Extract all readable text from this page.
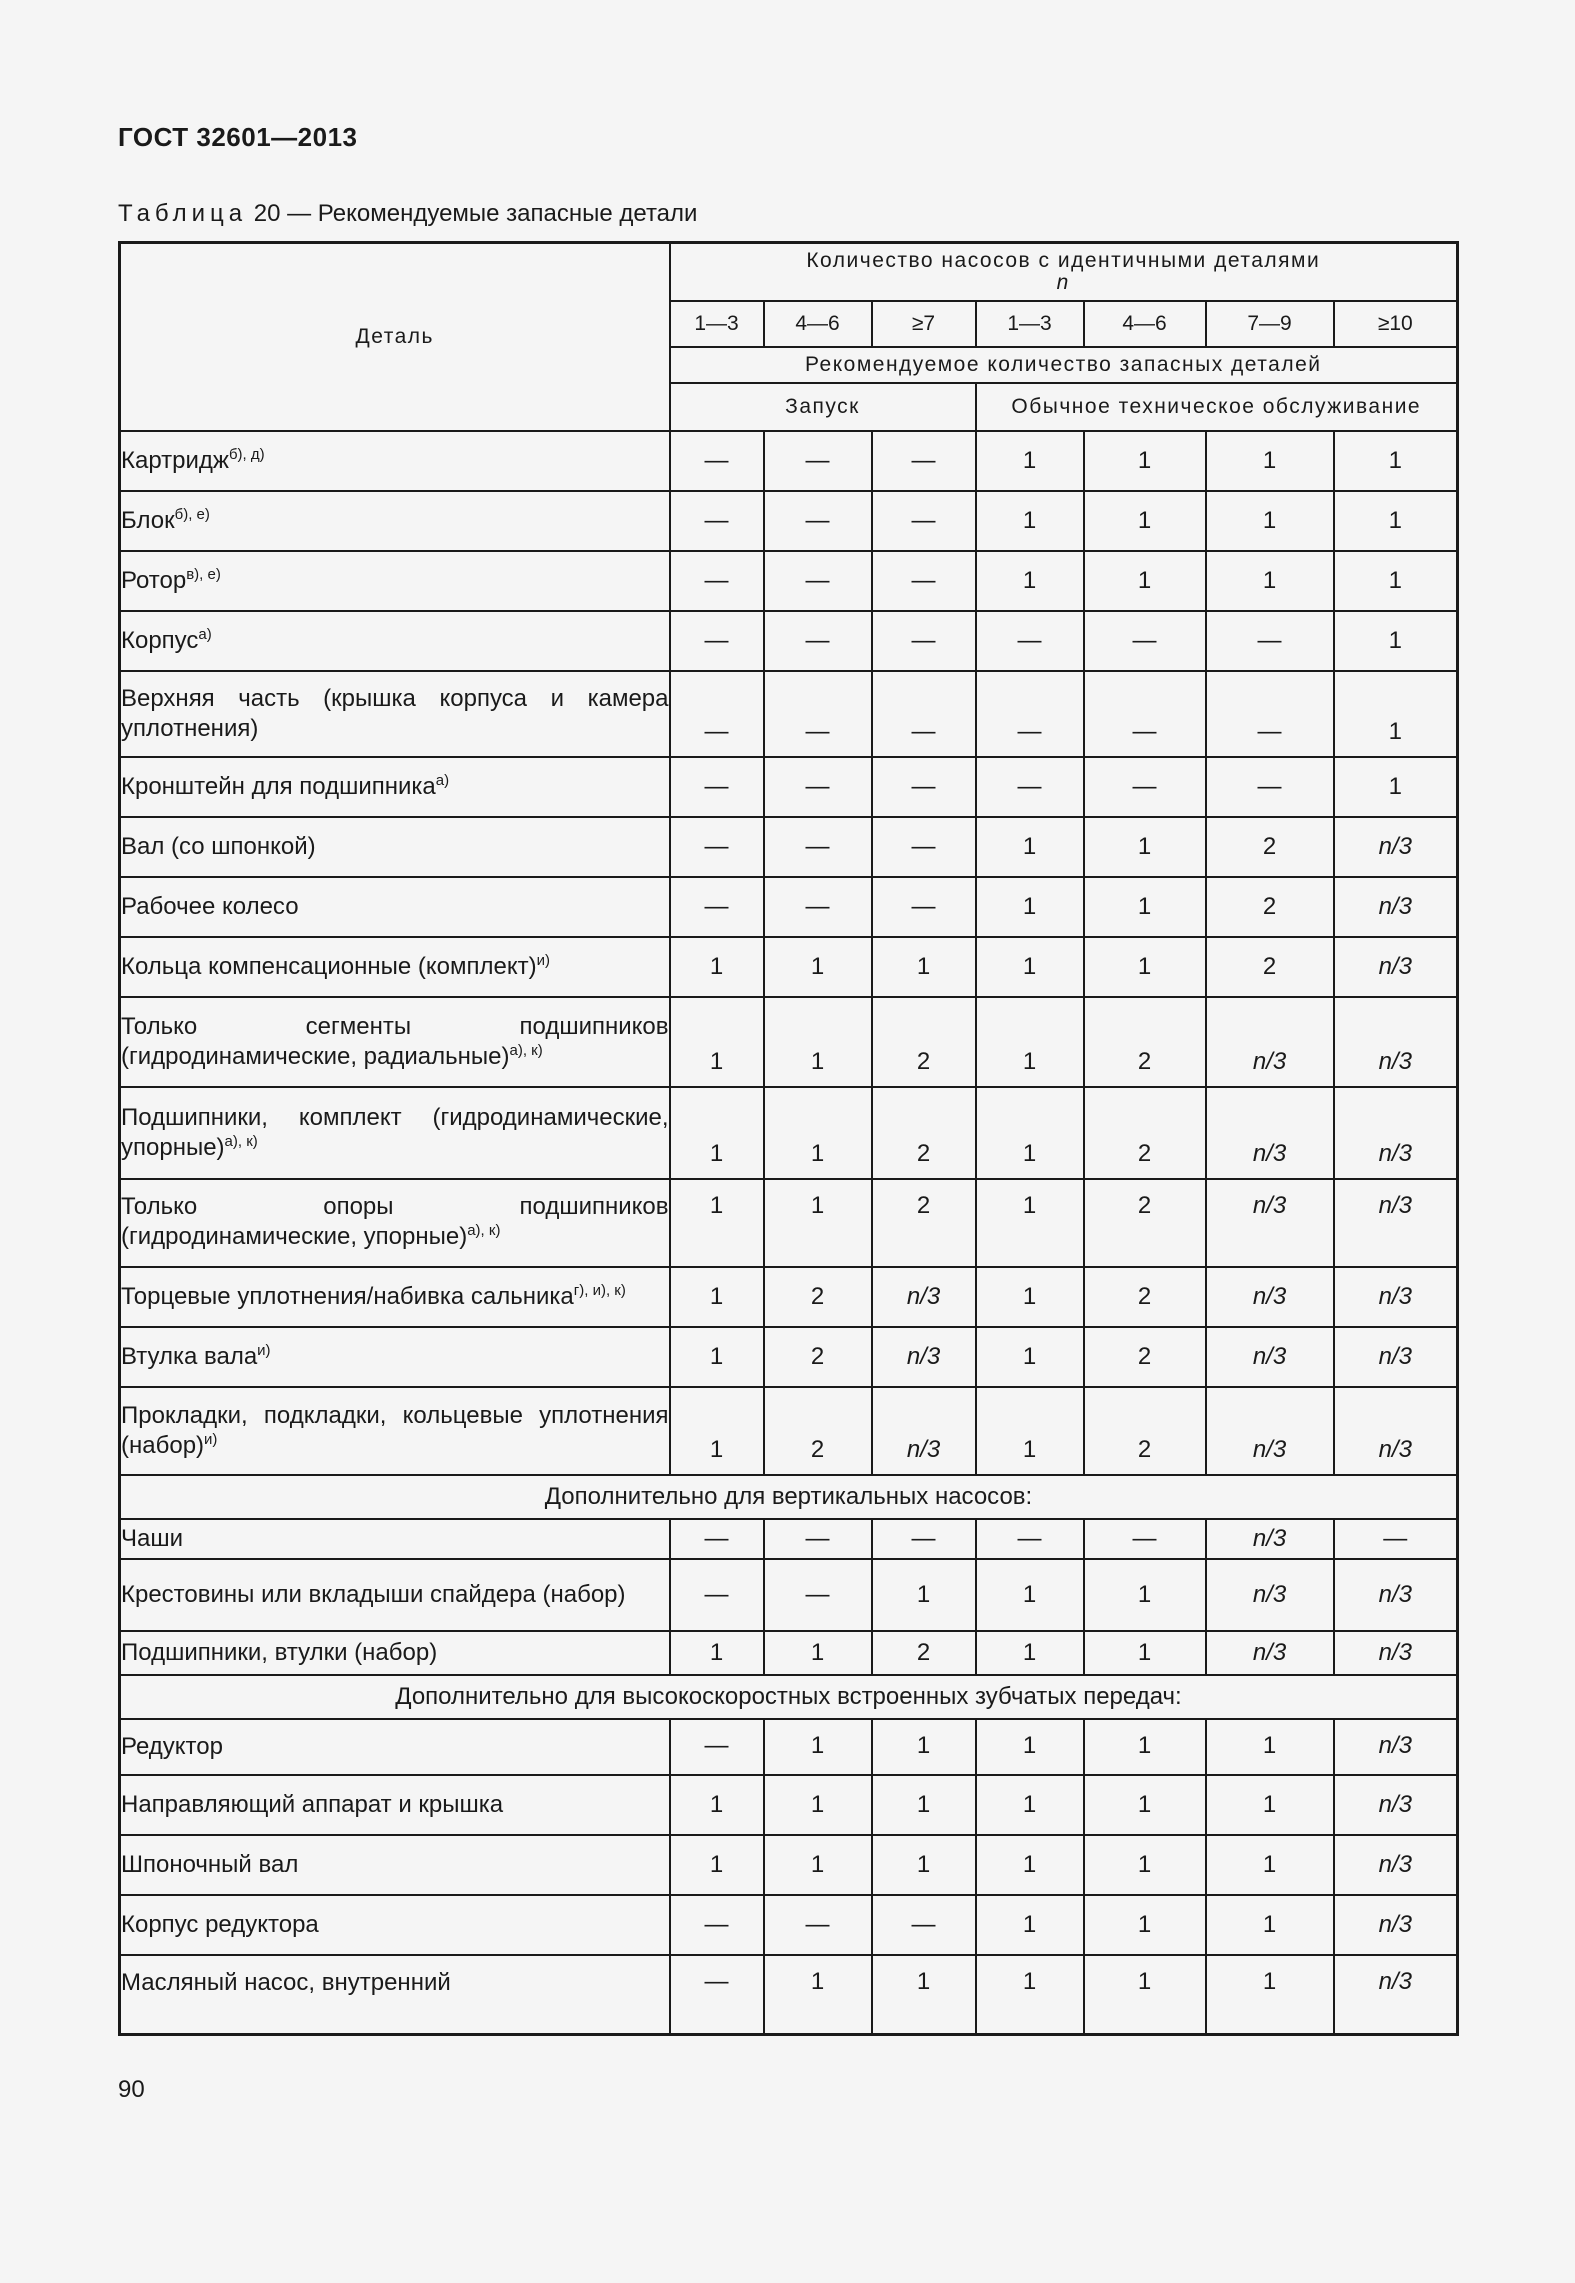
ГОСТ 32601—2013

Таблица 20 — Рекомендуемые запасные детали

Деталь	Количество насосов с идентичными деталями
n						
	1—3	4—6	≥7	1—3	4—6	7—9	≥10
	Рекомендуемое количество запасных деталей						
	Запуск			Обычное техническое обслуживание			
Картридж$^{б), д)}$	—	—	—	1	1	1	1
Блок$^{б), е)}$	—	—	—	1	1	1	1
Ротор$^{в), е)}$	—	—	—	1	1	1	1
Корпус$^{а)}$	—	—	—	—	—	—	1
Верхняя часть (крышка корпуса и камера уплотнения)	—	—	—	—	—	—	1
Кронштейн для подшипника$^{а)}$	—	—	—	—	—	—	1
Вал (со шпонкой)	—	—	—	1	1	2	n/3
Рабочее колесо	—	—	—	1	1	2	n/3
Кольца компенсационные (комплект)$^{и)}$	1	1	1	1	1	2	n/3
Только сегменты подшипников (гидродинамические, радиальные)$^{а), к)}$	1	1	2	1	2	n/3	n/3
Подшипники, комплект (гидродинамические, упорные)$^{а), к)}$	1	1	2	1	2	n/3	n/3
Только опоры подшипников (гидродинамические, упорные)$^{а), к)}$	1	1	2	1	2	n/3	n/3
Торцевые уплотнения/набивка сальника$^{г), и), к)}$	1	2	n/3	1	2	n/3	n/3
Втулка вала$^{и)}$	1	2	n/3	1	2	n/3	n/3
Прокладки, подкладки, кольцевые уплотнения (набор)$^{и)}$	1	2	n/3	1	2	n/3	n/3
Дополнительно для вертикальных насосов:							
Чаши	—	—	—	—	—	n/3	—
Крестовины или вкладыши спайдера (набор)	—	—	1	1	1	n/3	n/3
Подшипники, втулки (набор)	1	1	2	1	1	n/3	n/3
Дополнительно для высокоскоростных встроенных зубчатых передач:							
Редуктор	—	1	1	1	1	1	n/3
Направляющий аппарат и крышка	1	1	1	1	1	1	n/3
Шпоночный вал	1	1	1	1	1	1	n/3
Корпус редуктора	—	—	—	1	1	1	n/3
Масляный насос, внутренний	—	1	1	1	1	1	n/3

90
